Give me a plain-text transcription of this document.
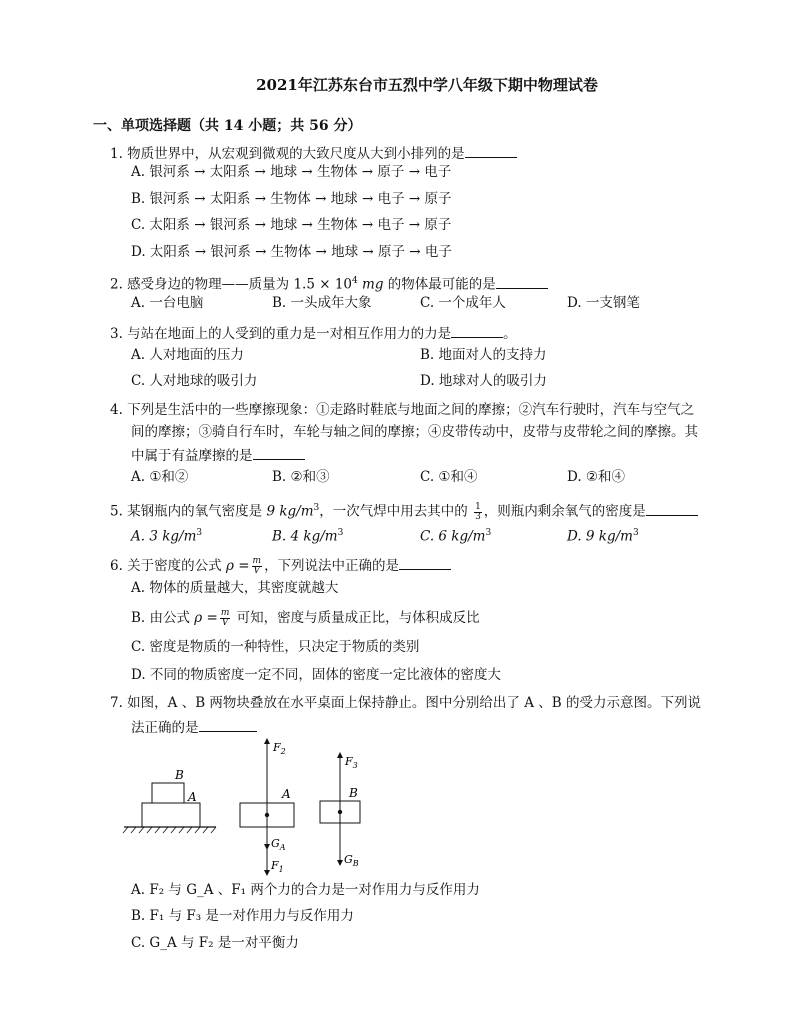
2021年江苏东台市五烈中学八年级下期中物理试卷
一、单项选择题（共 14 小题；共 56 分）
1. 物质世界中，从宏观到微观的大致尺度从大到小排列的是
A. 银河系 → 太阳系 → 地球 → 生物体 → 原子 → 电子
B. 银河系 → 太阳系 → 生物体 → 地球 → 电子 → 原子
C. 太阳系 → 银河系 → 地球 → 生物体 → 电子 → 原子
D. 太阳系 → 银河系 → 生物体 → 地球 → 原子 → 电子
2. 感受身边的物理——质量为 $1.5 \times 10^4$ mg 的物体最可能的是
A. 一台电脑	B. 一头成年大象	C. 一个成年人	D. 一支钢笔
3. 与站在地面上的人受到的重力是一对相互作用力的力是	。
A. 人对地面的压力	B. 地面对人的支持力
C. 人对地球的吸引力	D. 地球对人的吸引力
4. 下列是生活中的一些摩擦现象：①走路时鞋底与地面之间的摩擦；②汽车行驶时，汽车与空气之
间的摩擦；③骑自行车时，车轮与轴之间的摩擦；④皮带传动中，皮带与皮带轮之间的摩擦。其
中属于有益摩擦的是
A. ①和②	B. ②和③	C. ①和④	D. ②和④
5. 某钢瓶内的氧气密度是 9 $kg/m^3$，一次气焊中用去其中的 $\frac{1}{3}$ ，则瓶内剩余氧气的密度是
A. 3 $kg/m^3$	B. 4 $kg/m^3$	C. 6 $kg/m^3$	D. 9 $kg/m^3$
6. 关于密度的公式 $\rho = \frac{m}{V}$ ，下列说法中正确的是
A. 物体的质量越大，其密度就越大
B. 由公式 $\rho = \frac{m}{V}$ 可知，密度与质量成正比，与体积成反比
C. 密度是物质的一种特性，只决定于物质的类别
D. 不同的物质密度一定不同，固体的密度一定比液体的密度大
7. 如图，A 、B 两物块叠放在水平桌面上保持静止。图中分别给出了 A 、B 的受力示意图。下列说
法正确的是
B
A
$F_2$
A
$G_A$
$F_1$
$F_3$
B
$G_B$
A. F₂ 与 G_A 、F₁ 两个力的合力是一对作用力与反作用力
B. F₁ 与 F₃ 是一对作用力与反作用力
C. G_A 与 F₂ 是一对平衡力
